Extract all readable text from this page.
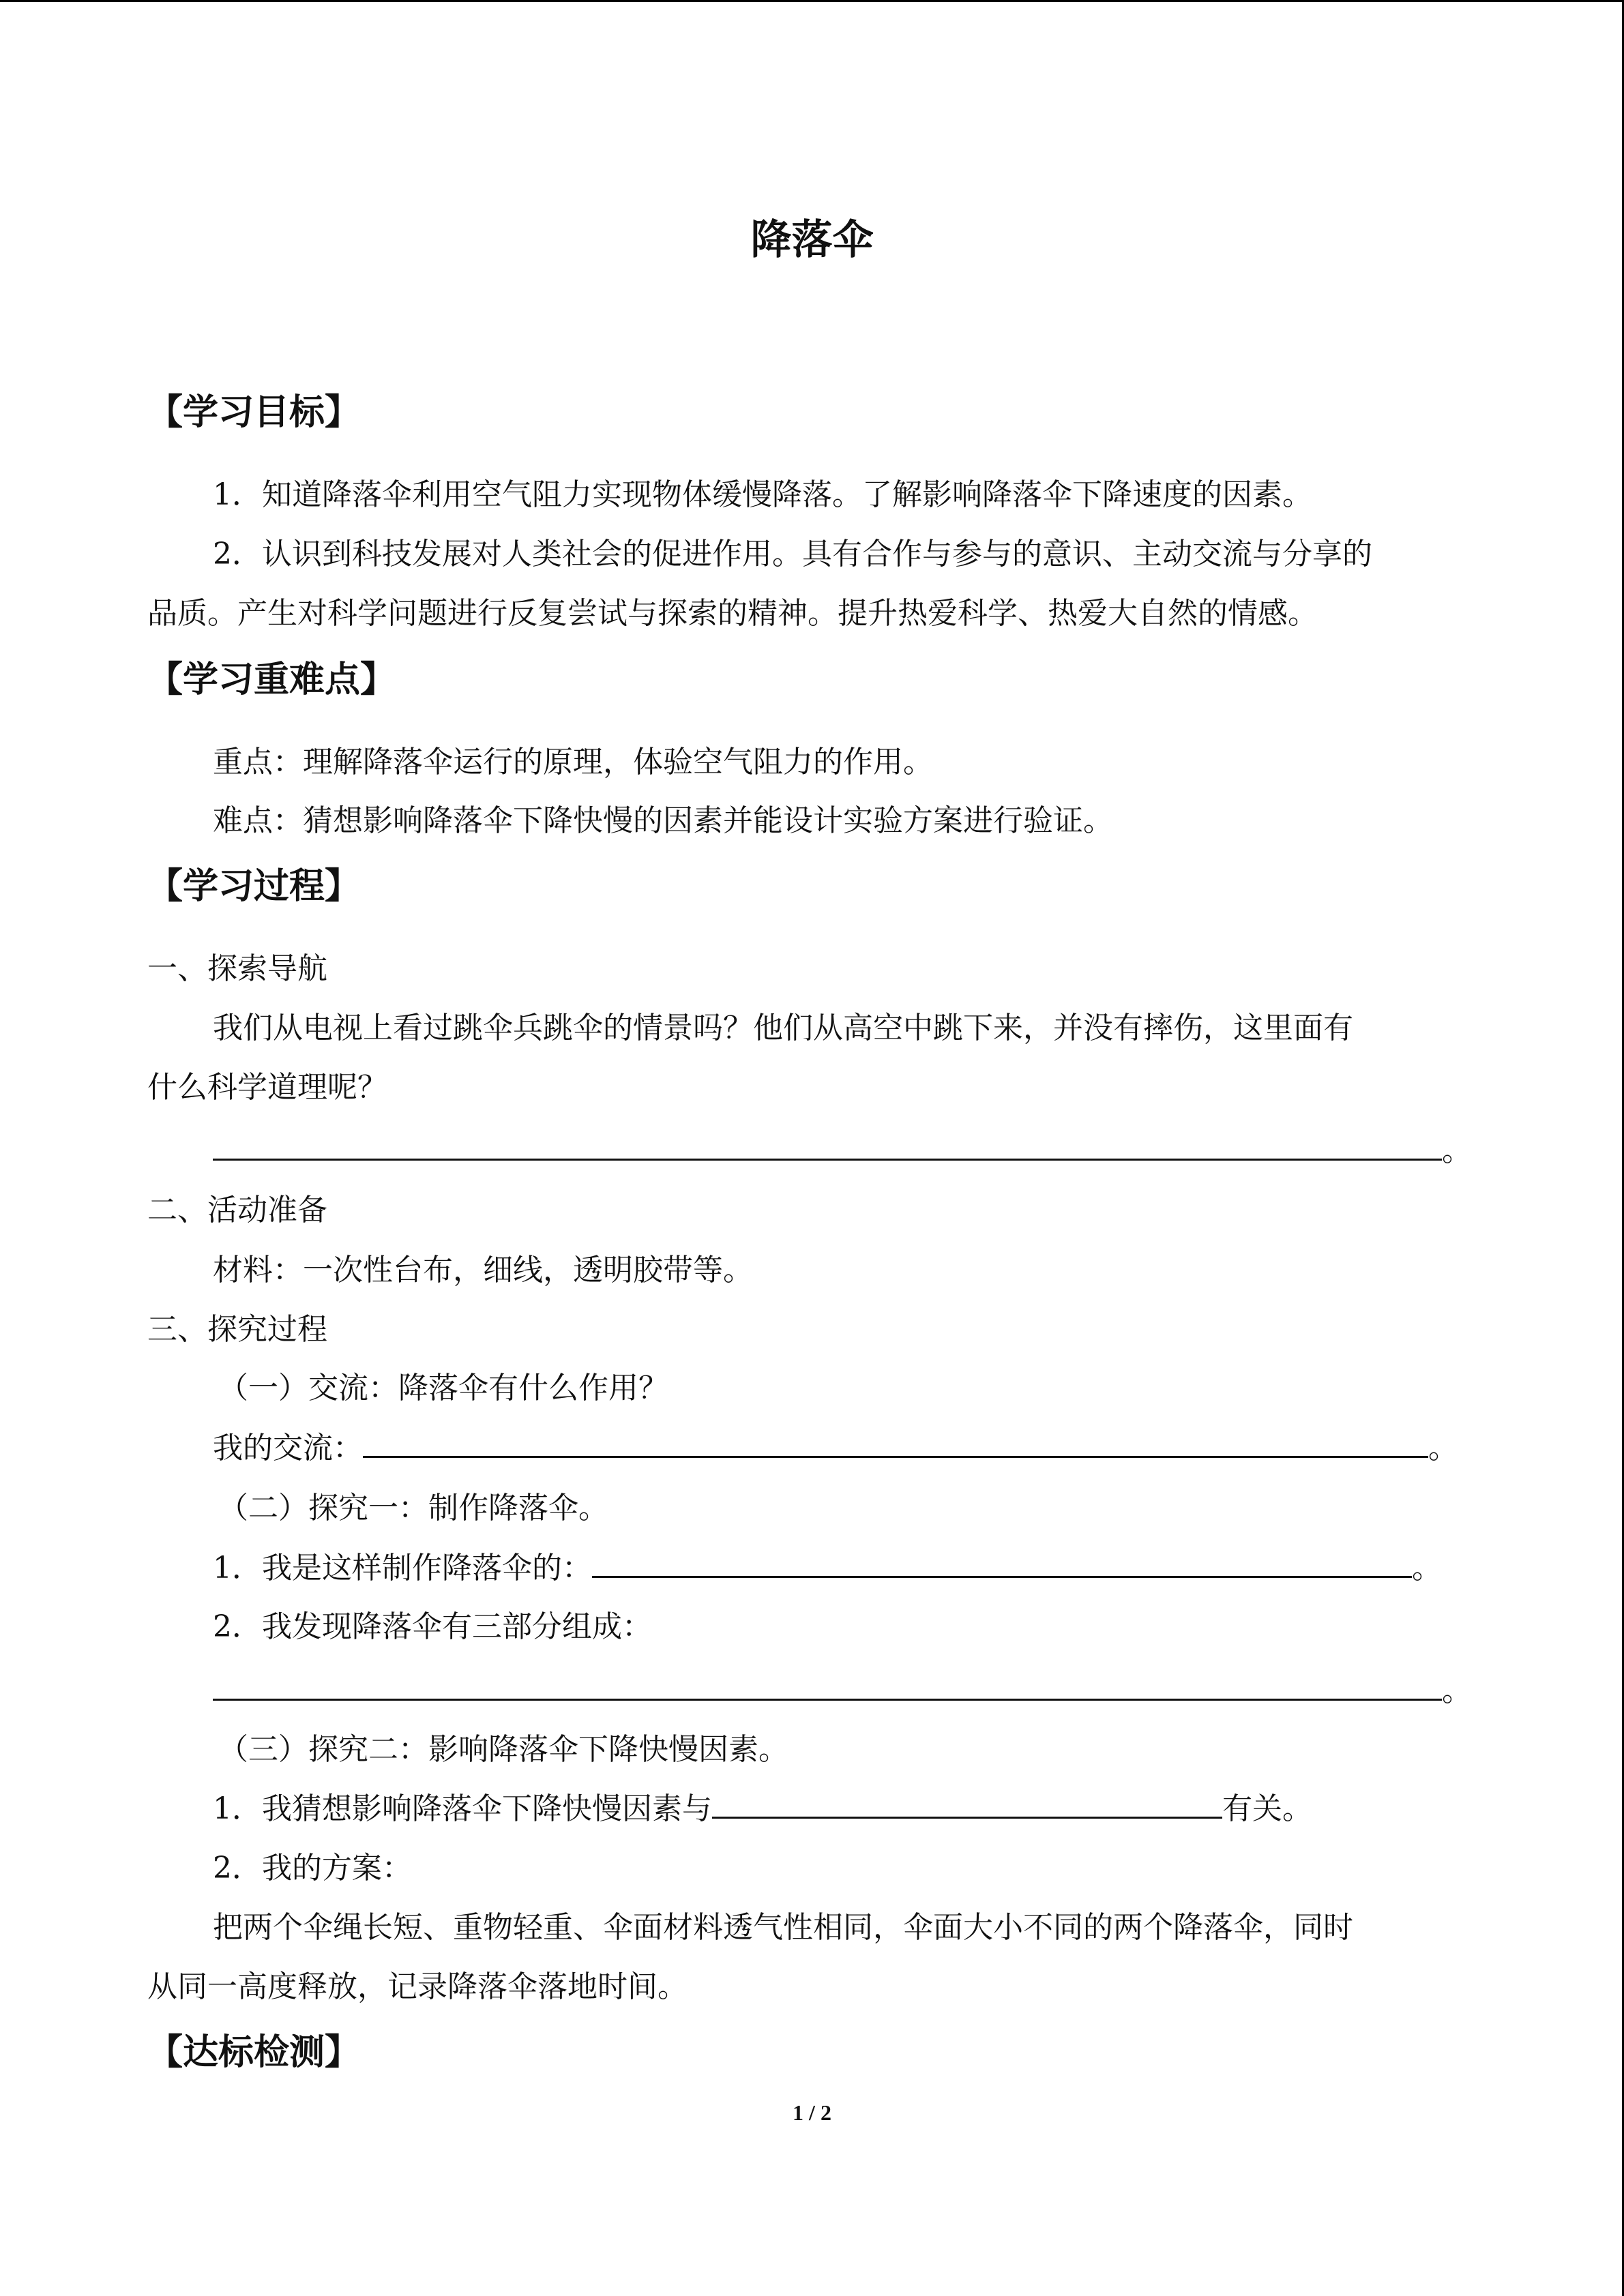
降落伞
【学习目标】
1．知道降落伞利用空气阻力实现物体缓慢降落。了解影响降落伞下降速度的因素。
2．认识到科技发展对人类社会的促进作用。具有合作与参与的意识、主动交流与分享的
品质。产生对科学问题进行反复尝试与探索的精神。提升热爱科学、热爱大自然的情感。
【学习重难点】
重点：理解降落伞运行的原理，体验空气阻力的作用。
难点：猜想影响降落伞下降快慢的因素并能设计实验方案进行验证。
【学习过程】
一、探索导航
我们从电视上看过跳伞兵跳伞的情景吗？他们从高空中跳下来，并没有摔伤，这里面有
什么科学道理呢？
。
二、活动准备
材料：一次性台布，细线，透明胶带等。
三、探究过程
（一）交流：降落伞有什么作用？
我的交流：	。
（二）探究一：制作降落伞。
1．我是这样制作降落伞的：	。
2．我发现降落伞有三部分组成：
。
（三）探究二：影响降落伞下降快慢因素。
1．我猜想影响降落伞下降快慢因素与	有关。
2．我的方案：
把两个伞绳长短、重物轻重、伞面材料透气性相同，伞面大小不同的两个降落伞，同时
从同一高度释放，记录降落伞落地时间。
【达标检测】
1 / 2
